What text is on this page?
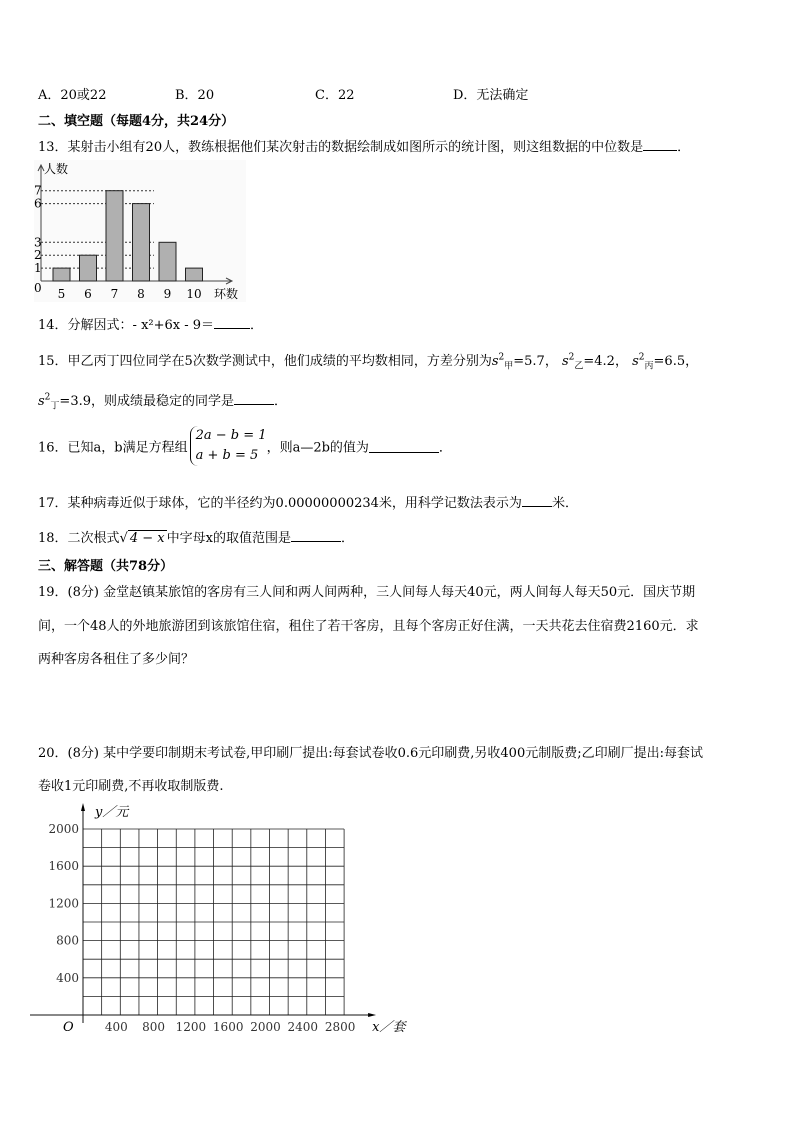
A．20或22	B．20	C．22	D．无法确定
二、填空题（每题4分，共24分）
13．某射击小组有20人，教练根据他们某次射击的数据绘制成如图所示的统计图，则这组数据的中位数是	．
人数
环数
0
1
2
3
6
7
5 6 7 8 9 10
14．分解因式：- x²+6x - 9＝	．
15．甲乙丙丁四位同学在5次数学测试中，他们成绩的平均数相同，方差分别为$s^2_甲=5.7$， $s^2_乙=4.2$， $s^2_丙=6.5$，
$s^2_丁=3.9$，则成绩最稳定的同学是	．
16．已知a，b满足方程组2a − b = 1
a + b = 5 ，则a—2b的值为	．
17．某种病毒近似于球体，它的半径约为0.00000000234米，用科学记数法表示为 米．
18．二次根式√ 4 − x 中字母x的取值范围是	．
三、解答题（共78分）
19．(8分) 金堂赵镇某旅馆的客房有三人间和两人间两种，三人间每人每天40元，两人间每人每天50元．国庆节期
间，一个48人的外地旅游团到该旅馆住宿，租住了若干客房，且每个客房正好住满，一天共花去住宿费2160元．求
两种客房各租住了多少间？
20．(8分) 某中学要印制期末考试卷,甲印刷厂提出:每套试卷收0.6元印刷费,另收400元制版费;乙印刷厂提出:每套试
卷收1元印刷费,不再收取制版费.
y／元
x／套
O
400
800
1200
1600
2000
400 800 1200 1600 2000 2400 2800
